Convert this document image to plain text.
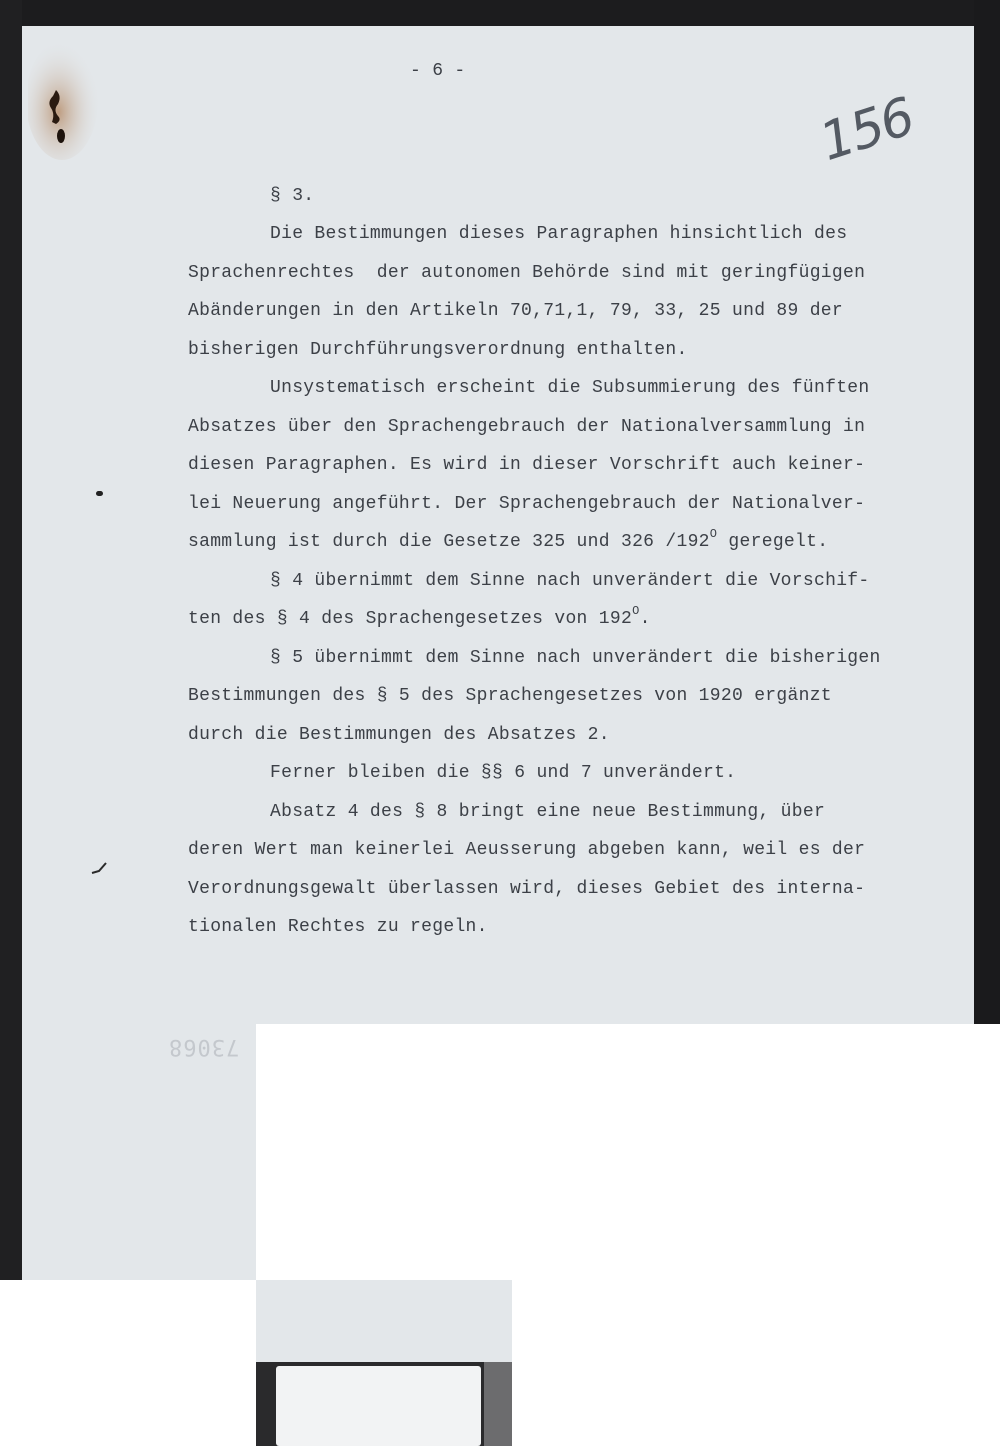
- 6 -
156
§ 3.
Die Bestimmungen dieses Paragraphen hinsichtlich des
Sprachenrechtes  der autonomen Behörde sind mit geringfügigen
Abänderungen in den Artikeln 70,71,1, 79, 33, 25 und 89 der
bisherigen Durchführungsverordnung enthalten.
Unsystematisch erscheint die Subsummierung des fünften
Absatzes über den Sprachengebrauch der Nationalversammlung in
diesen Paragraphen. Es wird in dieser Vorschrift auch keiner-
lei Neuerung angeführt. Der Sprachengebrauch der Nationalver-
sammlung ist durch die Gesetze 325 und 326 $/192^O$ geregelt.
§ 4 übernimmt dem Sinne nach unverändert die Vorschif-
ten des § 4 des Sprachengesetzes von $192^O$.
§ 5 übernimmt dem Sinne nach unverändert die bisherigen
Bestimmungen des § 5 des Sprachengesetzes von 1920 ergänzt
durch die Bestimmungen des Absatzes 2.
Ferner bleiben die §§ 6 und 7 unverändert.
Absatz 4 des § 8 bringt eine neue Bestimmung, über
deren Wert man keinerlei Aeusserung abgeben kann, weil es der
Verordnungsgewalt überlassen wird, dieses Gebiet des interna-
tionalen Rechtes zu regeln.
73068
